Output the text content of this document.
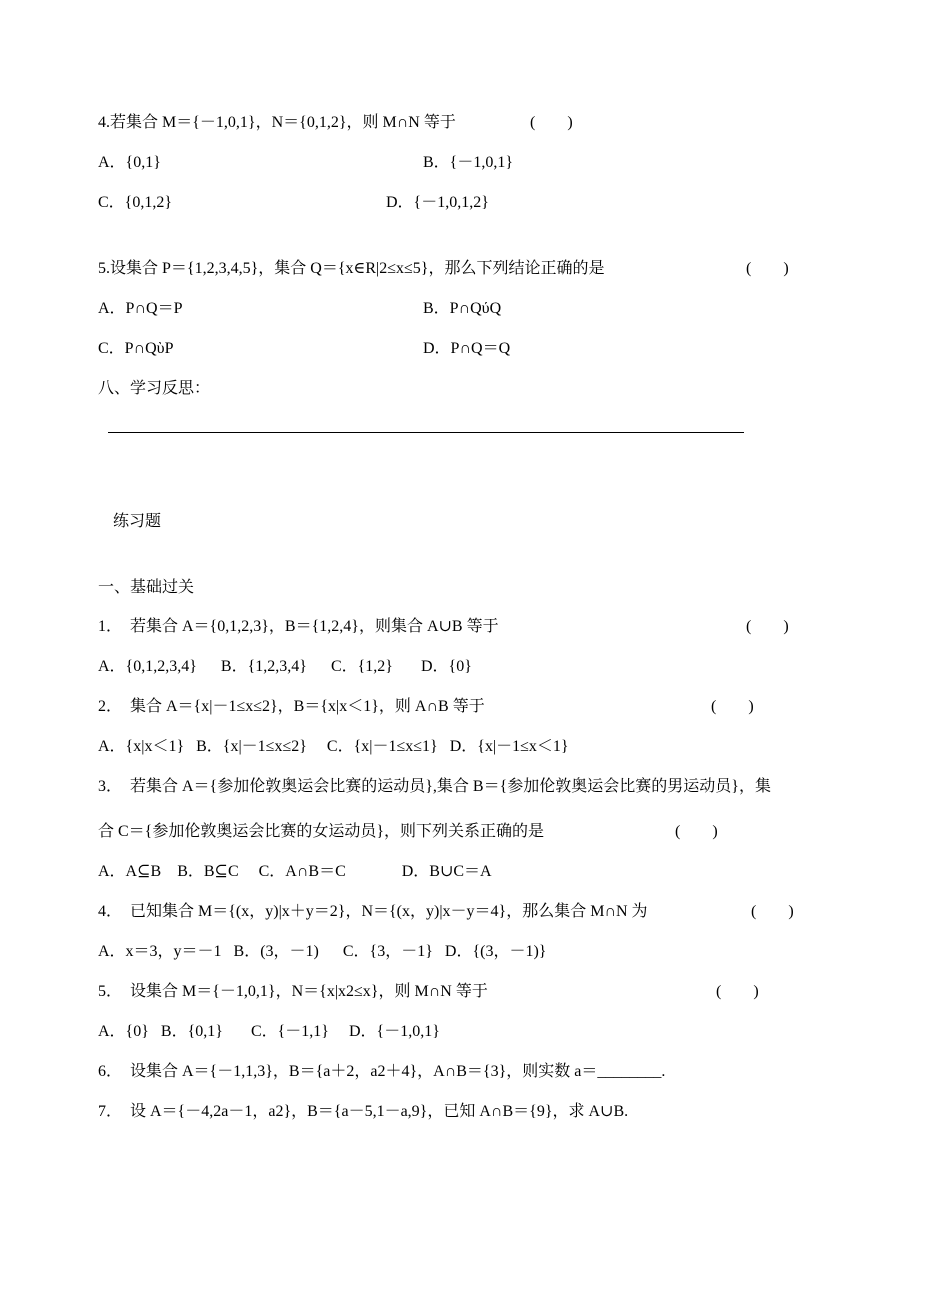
4.若集合 M＝{－1,0,1}，N＝{0,1,2}，则 M∩N 等于	(　　)
A．{0,1}	B．{－1,0,1}
C．{0,1,2}	D．{－1,0,1,2}
5.设集合 P＝{1,2,3,4,5}，集合 Q＝{x∈R|2≤x≤5}，那么下列结论正确的是	(　　)
A．P∩Q＝P	B．P∩QύQ
C．P∩QὺP	D．P∩Q＝Q
八、学习反思：
练习题
一、基础过关
1．  若集合 A＝{0,1,2,3}，B＝{1,2,4}，则集合 A∪B 等于	(　　)
A．{0,1,2,3,4}      B．{1,2,3,4}      C．{1,2}       D．{0}
2．  集合 A＝{x|－1≤x≤2}，B＝{x|x＜1}，则 A∩B 等于	(　　)
A．{x|x＜1}   B．{x|－1≤x≤2}     C．{x|－1≤x≤1}   D．{x|－1≤x＜1}
3．  若集合 A＝{参加伦敦奥运会比赛的运动员},集合 B＝{参加伦敦奥运会比赛的男运动员}，集
合 C＝{参加伦敦奥运会比赛的女运动员}，则下列关系正确的是	(　　)
A．A⊆B    B．B⊆C     C．A∩B＝C              D．B∪C＝A
4．  已知集合 M＝{(x，y)|x＋y＝2}，N＝{(x，y)|x－y＝4}，那么集合 M∩N 为	(　　)
A．x＝3，y＝－1   B．(3，－1)      C．{3，－1}   D．{(3，－1)}
5．  设集合 M＝{－1,0,1}，N＝{x|x2≤x}，则 M∩N 等于	(　　)
A．{0}   B．{0,1}       C．{－1,1}     D．{－1,0,1}
6．  设集合 A＝{－1,1,3}，B＝{a＋2，a2＋4}，A∩B＝{3}，则实数 a＝________.
7．  设 A＝{－4,2a－1，a2}，B＝{a－5,1－a,9}，已知 A∩B＝{9}，求 A∪B.
